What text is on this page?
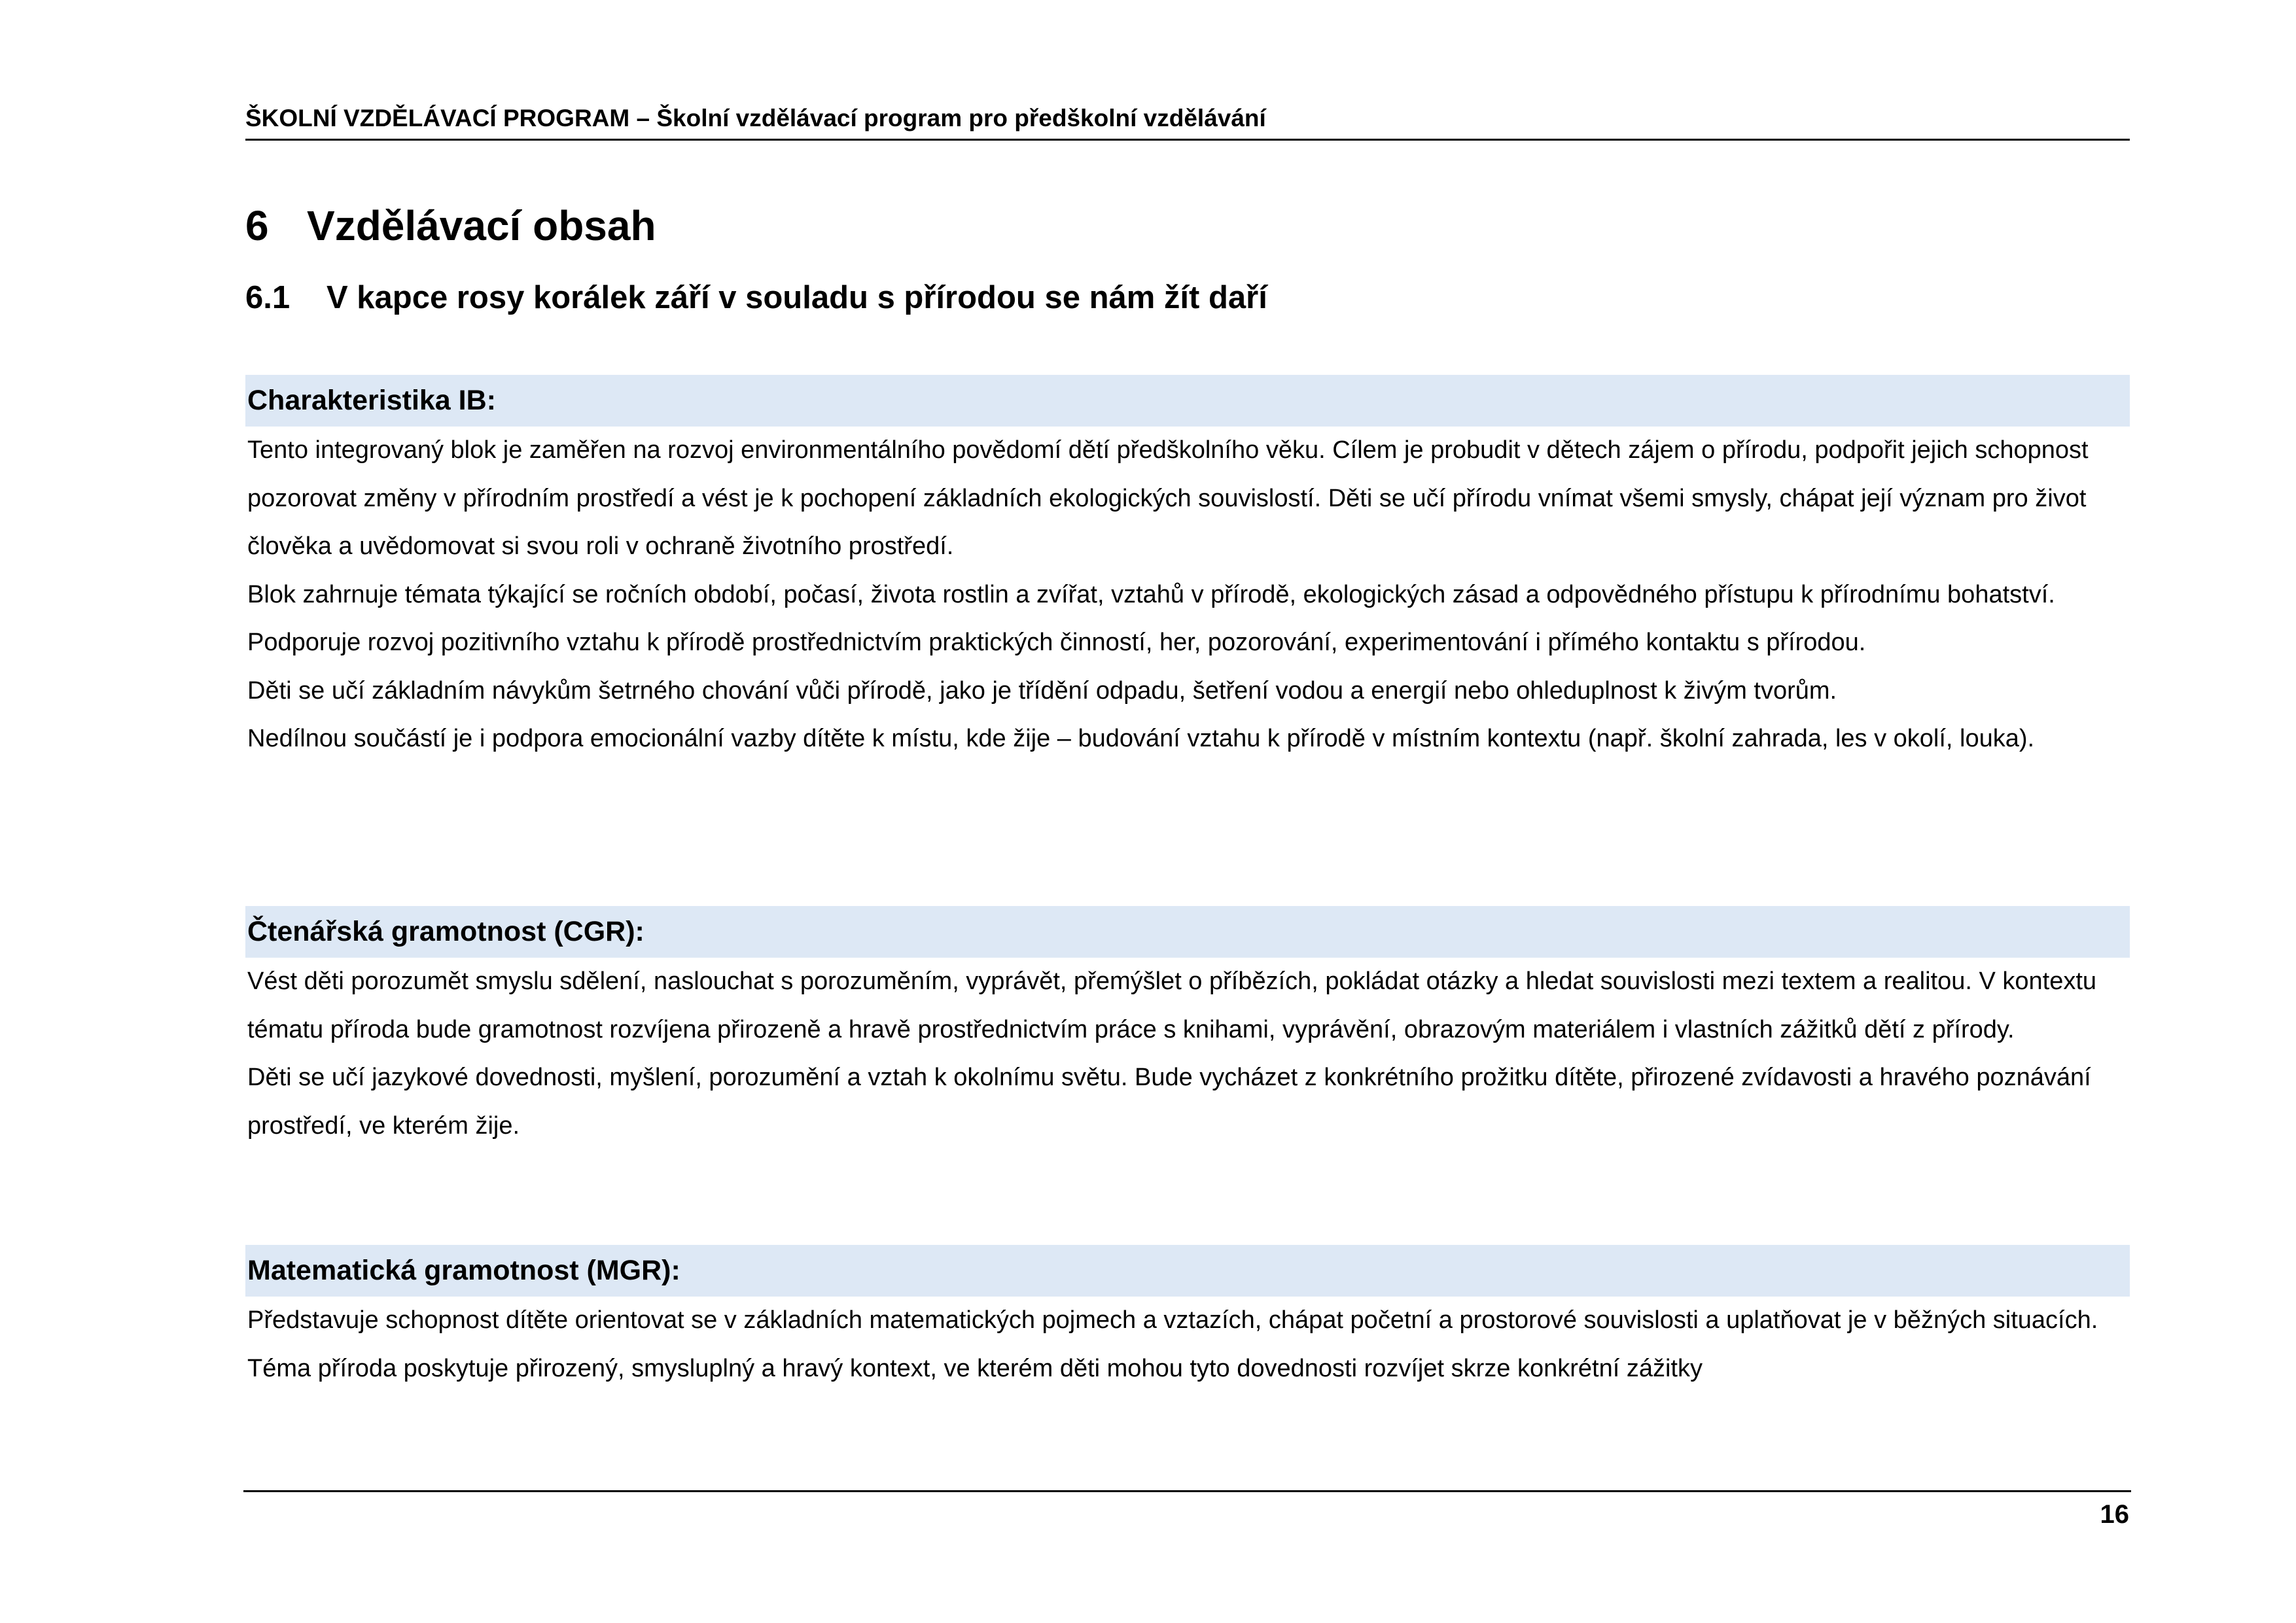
ŠKOLNÍ VZDĚLÁVACÍ PROGRAM – Školní vzdělávací program pro předškolní vzdělávání
6 Vzdělávací obsah
6.1 V kapce rosy korálek září v souladu s přírodou se nám žít daří
Charakteristika IB:

Tento integrovaný blok je zaměřen na rozvoj environmentálního povědomí dětí předškolního věku. Cílem je probudit v dětech zájem o přírodu, podpořit jejich schopnost pozorovat změny v přírodním prostředí a vést je k pochopení základních ekologických souvislostí. Děti se učí přírodu vnímat všemi smysly, chápat její význam pro život člověka a uvědomovat si svou roli v ochraně životního prostředí.

Blok zahrnuje témata týkající se ročních období, počasí, života rostlin a zvířat, vztahů v přírodě, ekologických zásad a odpovědného přístupu k přírodnímu bohatství. Podporuje rozvoj pozitivního vztahu k přírodě prostřednictvím praktických činností, her, pozorování, experimentování i přímého kontaktu s přírodou.

Děti se učí základním návykům šetrného chování vůči přírodě, jako je třídění odpadu, šetření vodou a energií nebo ohleduplnost k živým tvorům.

Nedílnou součástí je i podpora emocionální vazby dítěte k místu, kde žije – budování vztahu k přírodě v místním kontextu (např. školní zahrada, les v okolí, louka).

Čtenářská gramotnost (CGR):

Vést děti porozumět smyslu sdělení, naslouchat s porozuměním, vyprávět, přemýšlet o příbězích, pokládat otázky a hledat souvislosti mezi textem a realitou. V kontextu tématu příroda bude gramotnost rozvíjena přirozeně a hravě prostřednictvím práce s knihami, vyprávění, obrazovým materiálem i vlastních zážitků dětí z přírody.

Děti se učí jazykové dovednosti, myšlení, porozumění a vztah k okolnímu světu. Bude vycházet z konkrétního prožitku dítěte, přirozené zvídavosti a hravého poznávání prostředí, ve kterém žije.

Matematická gramotnost (MGR):

Představuje schopnost dítěte orientovat se v základních matematických pojmech a vztazích, chápat početní a prostorové souvislosti a uplatňovat je v běžných situacích. Téma příroda poskytuje přirozený, smysluplný a hravý kontext, ve kterém děti mohou tyto dovednosti rozvíjet skrze konkrétní zážitky

16
